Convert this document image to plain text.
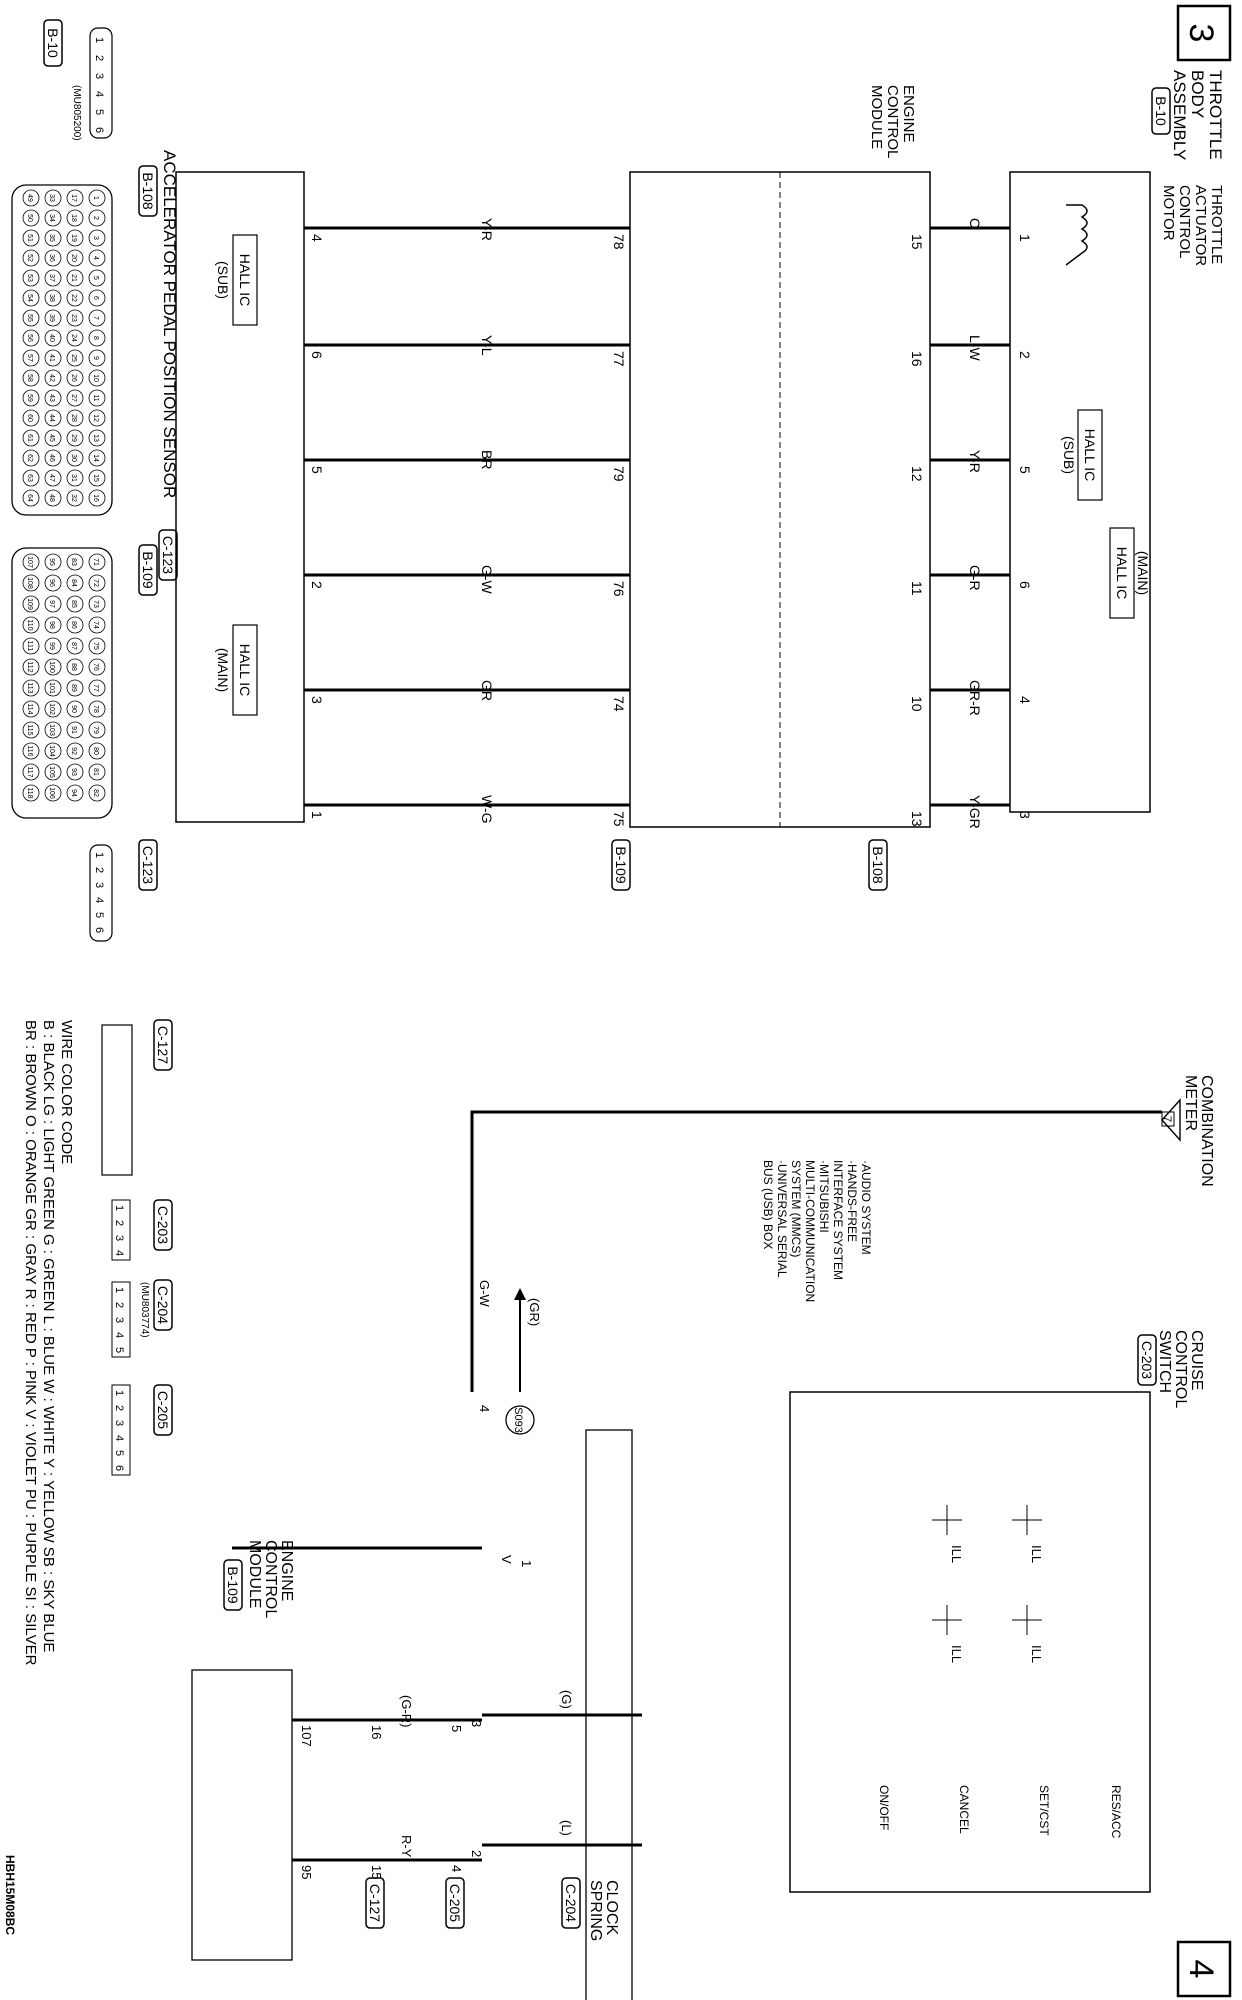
3
4
THROTTLE
BODY
ASSEMBLY
B-10
THROTTLE
ACTUATOR
CONTROL
MOTOR
HALL IC (MAIN)
HALL IC
(SUB)
ENGINE
CONTROL
MODULE
B-108
B-109
1
O
15
2
L-W
16
5
Y-R
12
6
G-R
11
4
GR-R
10
3
Y-GR
13
78
Y-R
4
77
Y-L
6
79
BR
5
76
G-W
2
74
GR
3
75
W-G
1
ACCELERATOR PEDAL POSITION SENSOR
C-123
HALL IC
(SUB)
HALL IC
(MAIN)
B-10
(MU805200)
1
2
3
4
5
6
B-108
1
2
3
4
5
6
7
8
9
10
11
12
13
14
15
16
17
18
19
20
21
22
23
24
25
26
27
28
29
30
31
32
33
34
35
36
37
38
39
40
41
42
43
44
45
46
47
48
49
50
51
52
53
54
55
56
57
58
59
60
61
62
63
64
B-109
71
72
73
74
75
76
77
78
79
80
81
82
83
84
85
86
87
88
89
90
91
92
93
94
95
96
97
98
99
100
101
102
103
104
105
106
107
108
109
110
111
112
113
114
115
116
117
118
C-123
1
2
3
4
5
6
COMBINATION
METER
7
CRUISE
CONTROL
SWITCH
C-203
ILL
ILL
ILL
ILL
RES/ACC
SET/CST
CANCEL
ON/OFF
G-W
4
(GR)
S093
·AUDIO SYSTEM
·HANDS-FREE
INTERFACE SYSTEM
·MITSUBISHI
MULTI-COMMUNICATION
SYSTEM (MMCS)
·UNIVERSAL SERIAL
BUS (USB) BOX
CLOCK
SPRING
V 1
(G)
3
(L)
2
ENGINE
CONTROL
MODULE
B-109
(G-R)
107	16	5
R-Y
95	15
C-127
4
C-205	C-204
C-127
C-203
1
2
3
4
C-204
(MU803774)
1
2
3
4
5
C-205
1
2
3
4
5
6
WIRE COLOR CODE
B : BLACK LG : LIGHT GREEN G : GREEN L : BLUE W : WHITE Y : YELLOW SB : SKY BLUE
BR : BROWN O : ORANGE GR : GRAY R : RED P : PINK V : VIOLET PU : PURPLE SI : SILVER
HBH15M08BC
